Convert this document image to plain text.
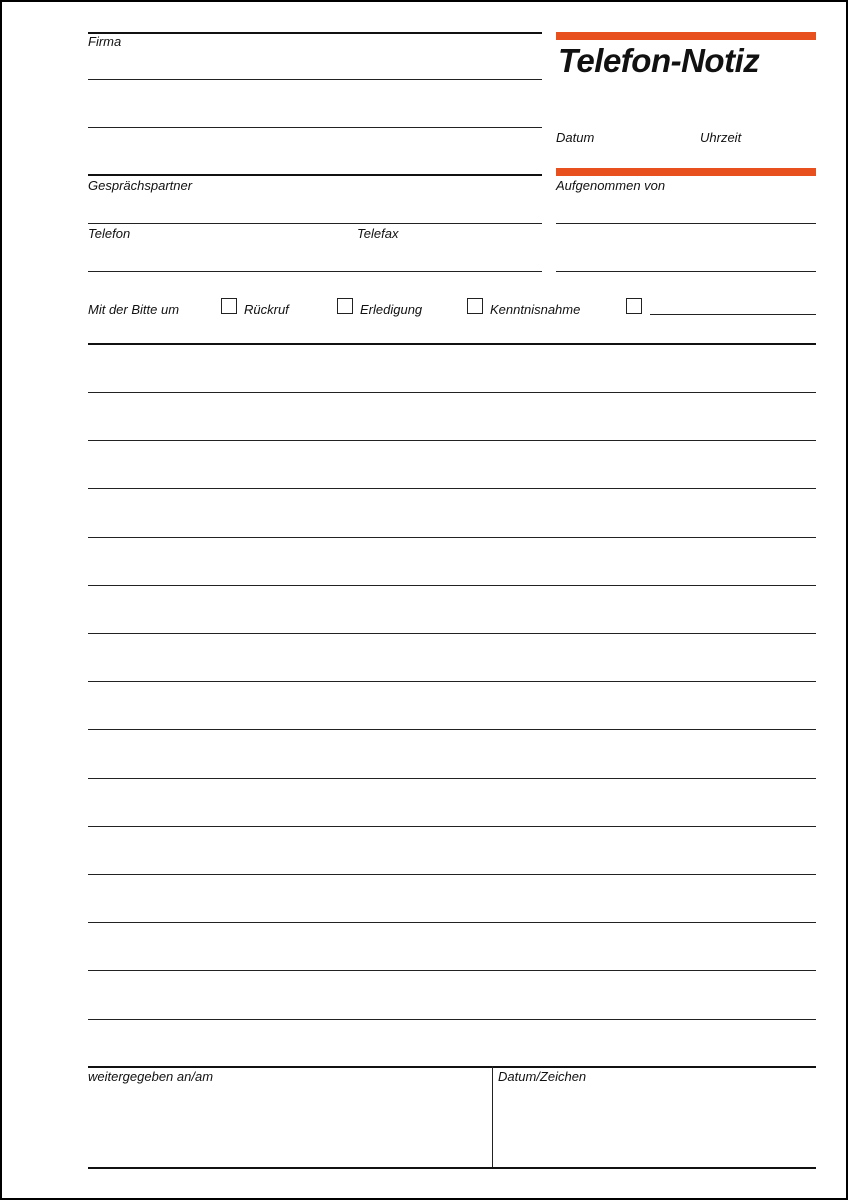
Firma
Gesprächspartner
Telefon	Telefax
Telefon-Notiz
Datum	Uhrzeit
Aufgenommen von
Mit der Bitte um	Rückruf	Erledigung	Kenntnisnahme
weitergegeben an/am	Datum/Zeichen
